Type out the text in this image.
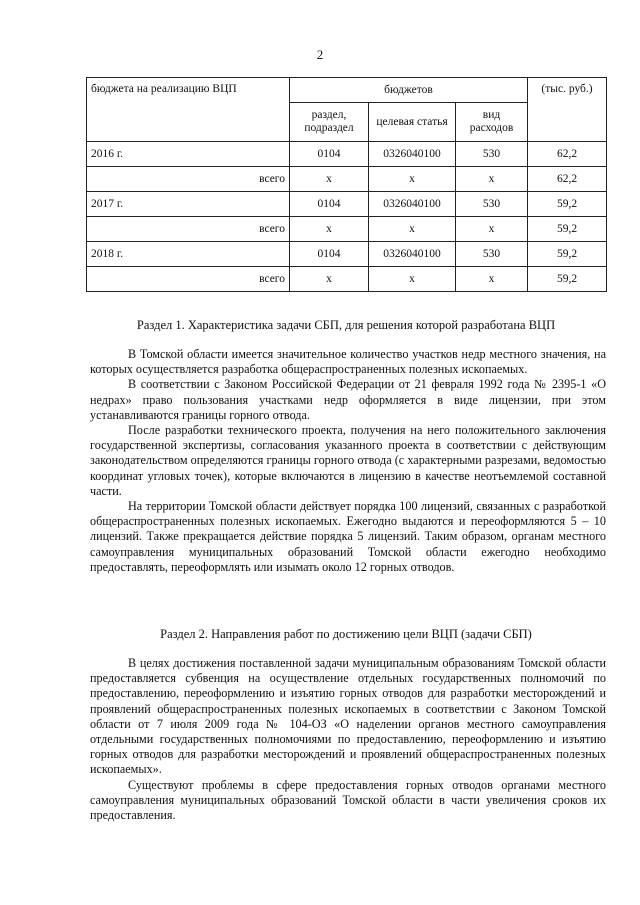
2
бюджета на реализацию ВЦП	бюджетов			(тыс. руб.)
	раздел, подраздел	целевая статья	вид расходов	
2016 г.	0104	0326040100	530	62,2
всего	х	х	х	62,2
2017 г.	0104	0326040100	530	59,2
всего	х	х	х	59,2
2018 г.	0104	0326040100	530	59,2
всего	х	х	х	59,2
Раздел 1. Характеристика задачи СБП, для решения которой разработана ВЦП

В Томской области имеется значительное количество участков недр местного значения, на которых осуществляется разработка общераспространенных полезных ископаемых.

В соответствии с Законом Российской Федерации от 21 февраля 1992 года № 2395-1 «О недрах» право пользования участками недр оформляется в виде лицензии, при этом устанавливаются границы горного отвода.

После разработки технического проекта, получения на него положительного заключения государственной экспертизы, согласования указанного проекта в соответствии с действующим законодательством определяются границы горного отвода (с характерными разрезами, ведомостью координат угловых точек), которые включаются в лицензию в качестве неотъемлемой составной части.

На территории Томской области действует порядка 100 лицензий, связанных с разработкой общераспространенных полезных ископаемых. Ежегодно выдаются и переоформляются 5 – 10 лицензий. Также прекращается действие порядка 5 лицензий. Таким образом, органам местного самоуправления муниципальных образований Томской области ежегодно необходимо предоставлять, переоформлять или изымать около 12 горных отводов.

Раздел 2. Направления работ по достижению цели ВЦП (задачи СБП)

В целях достижения поставленной задачи муниципальным образованиям Томской области предоставляется субвенция на осуществление отдельных государственных полномочий по предоставлению, переоформлению и изъятию горных отводов для разработки месторождений и проявлений общераспространенных полезных ископаемых в соответствии с Законом Томской области от 7 июля 2009 года № 104-ОЗ «О наделении органов местного самоуправления отдельными государственных полномочиями по предоставлению, переоформлению и изъятию горных отводов для разработки месторождений и проявлений общераспространенных полезных ископаемых».

Существуют проблемы в сфере предоставления горных отводов органами местного самоуправления муниципальных образований Томской области в части увеличения сроков их предоставления.
